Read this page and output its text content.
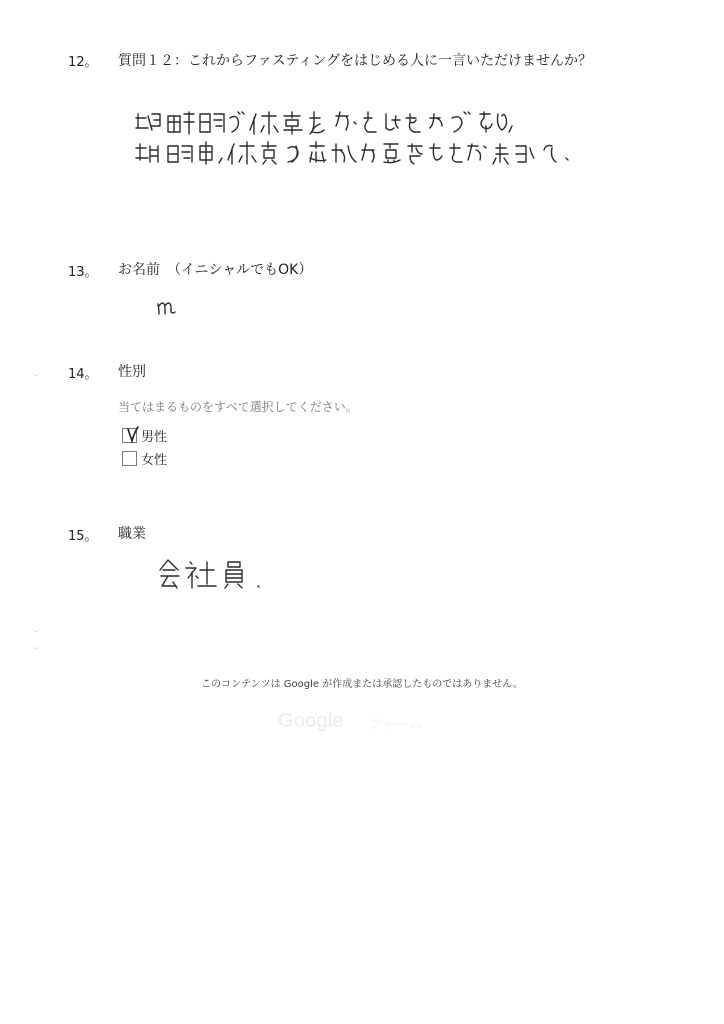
12。 質問１２：これからファスティングをはじめる人に一言いただけませんか？
13。 お名前　（イニシャルでもOK）
14。 性別
当てはまるものをすべて選択してください。
男性
女性
15。 職業
このコンテンツは Google が作成または承認したものではありません。
Google フォーム
